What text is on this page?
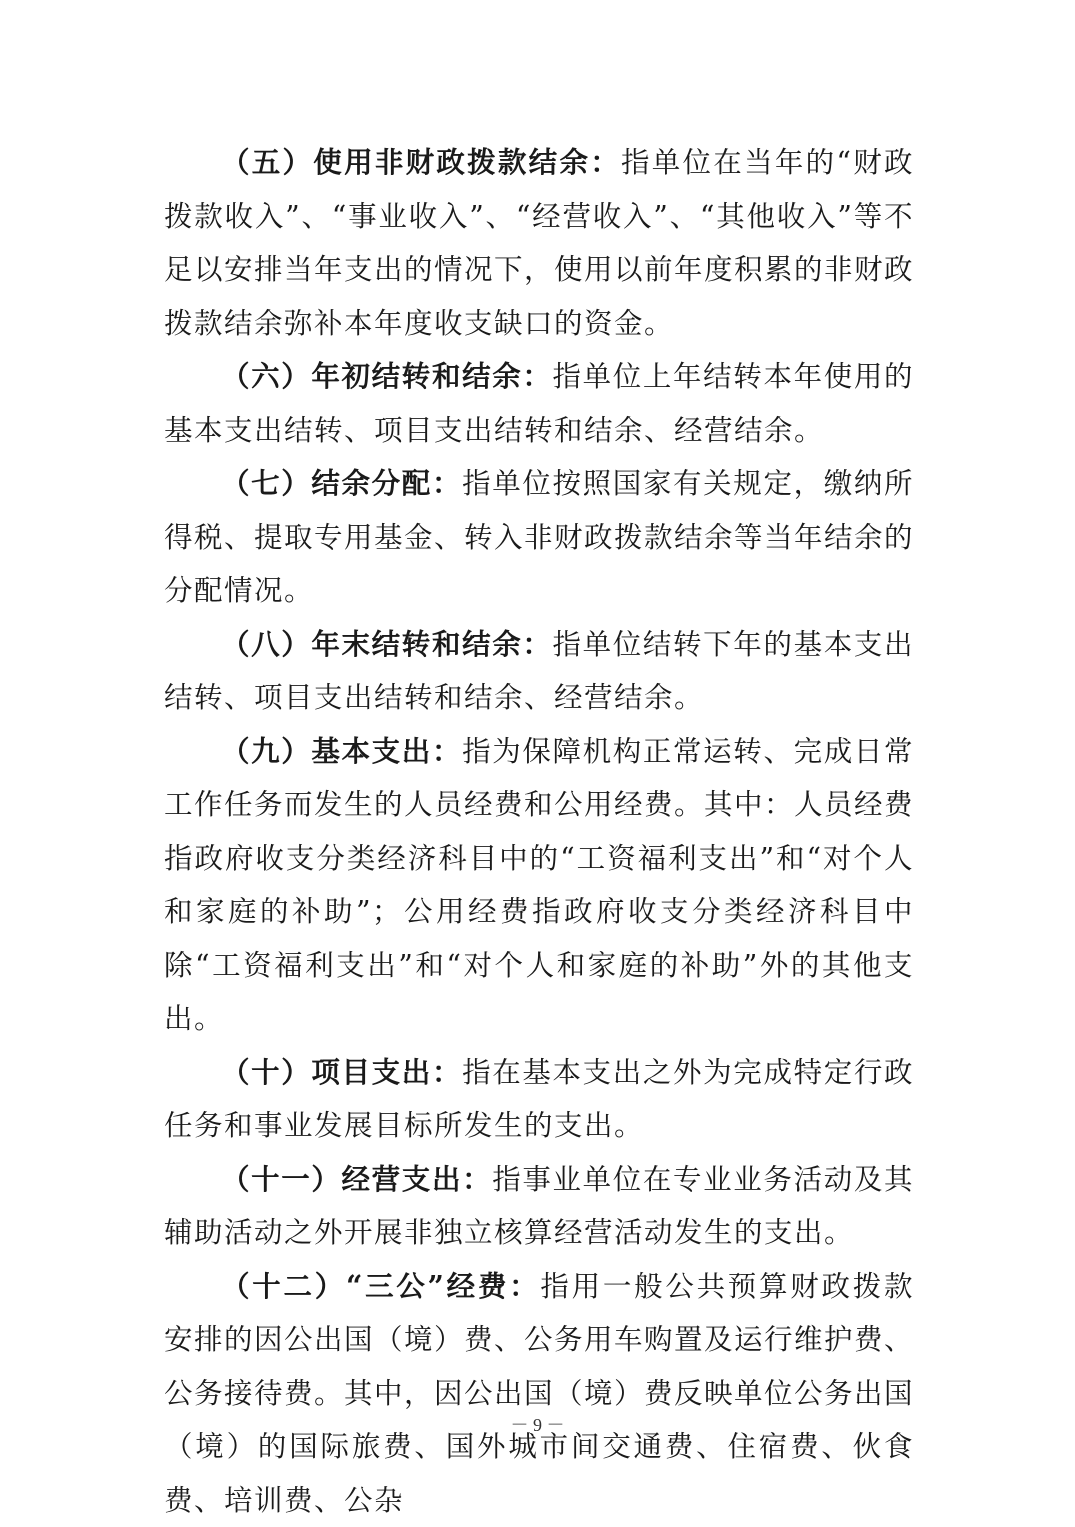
（五）使用非财政拨款结余：指单位在当年的“财政拨款收入”、“事业收入”、“经营收入”、“其他收入”等不足以安排当年支出的情况下，使用以前年度积累的非财政拨款结余弥补本年度收支缺口的资金。

（六）年初结转和结余：指单位上年结转本年使用的基本支出结转、项目支出结转和结余、经营结余。

（七）结余分配：指单位按照国家有关规定，缴纳所得税、提取专用基金、转入非财政拨款结余等当年结余的分配情况。

（八）年末结转和结余：指单位结转下年的基本支出结转、项目支出结转和结余、经营结余。

（九）基本支出：指为保障机构正常运转、完成日常工作任务而发生的人员经费和公用经费。其中：人员经费指政府收支分类经济科目中的“工资福利支出”和“对个人和家庭的补助”；公用经费指政府收支分类经济科目中除“工资福利支出”和“对个人和家庭的补助”外的其他支出。

（十）项目支出：指在基本支出之外为完成特定行政任务和事业发展目标所发生的支出。

（十一）经营支出：指事业单位在专业业务活动及其辅助活动之外开展非独立核算经营活动发生的支出。

（十二）“三公”经费：指用一般公共预算财政拨款安排的因公出国（境）费、公务用车购置及运行维护费、公务接待费。其中，因公出国（境）费反映单位公务出国（境）的国际旅费、国外城市间交通费、住宿费、伙食费、培训费、公杂

－ 9 －
